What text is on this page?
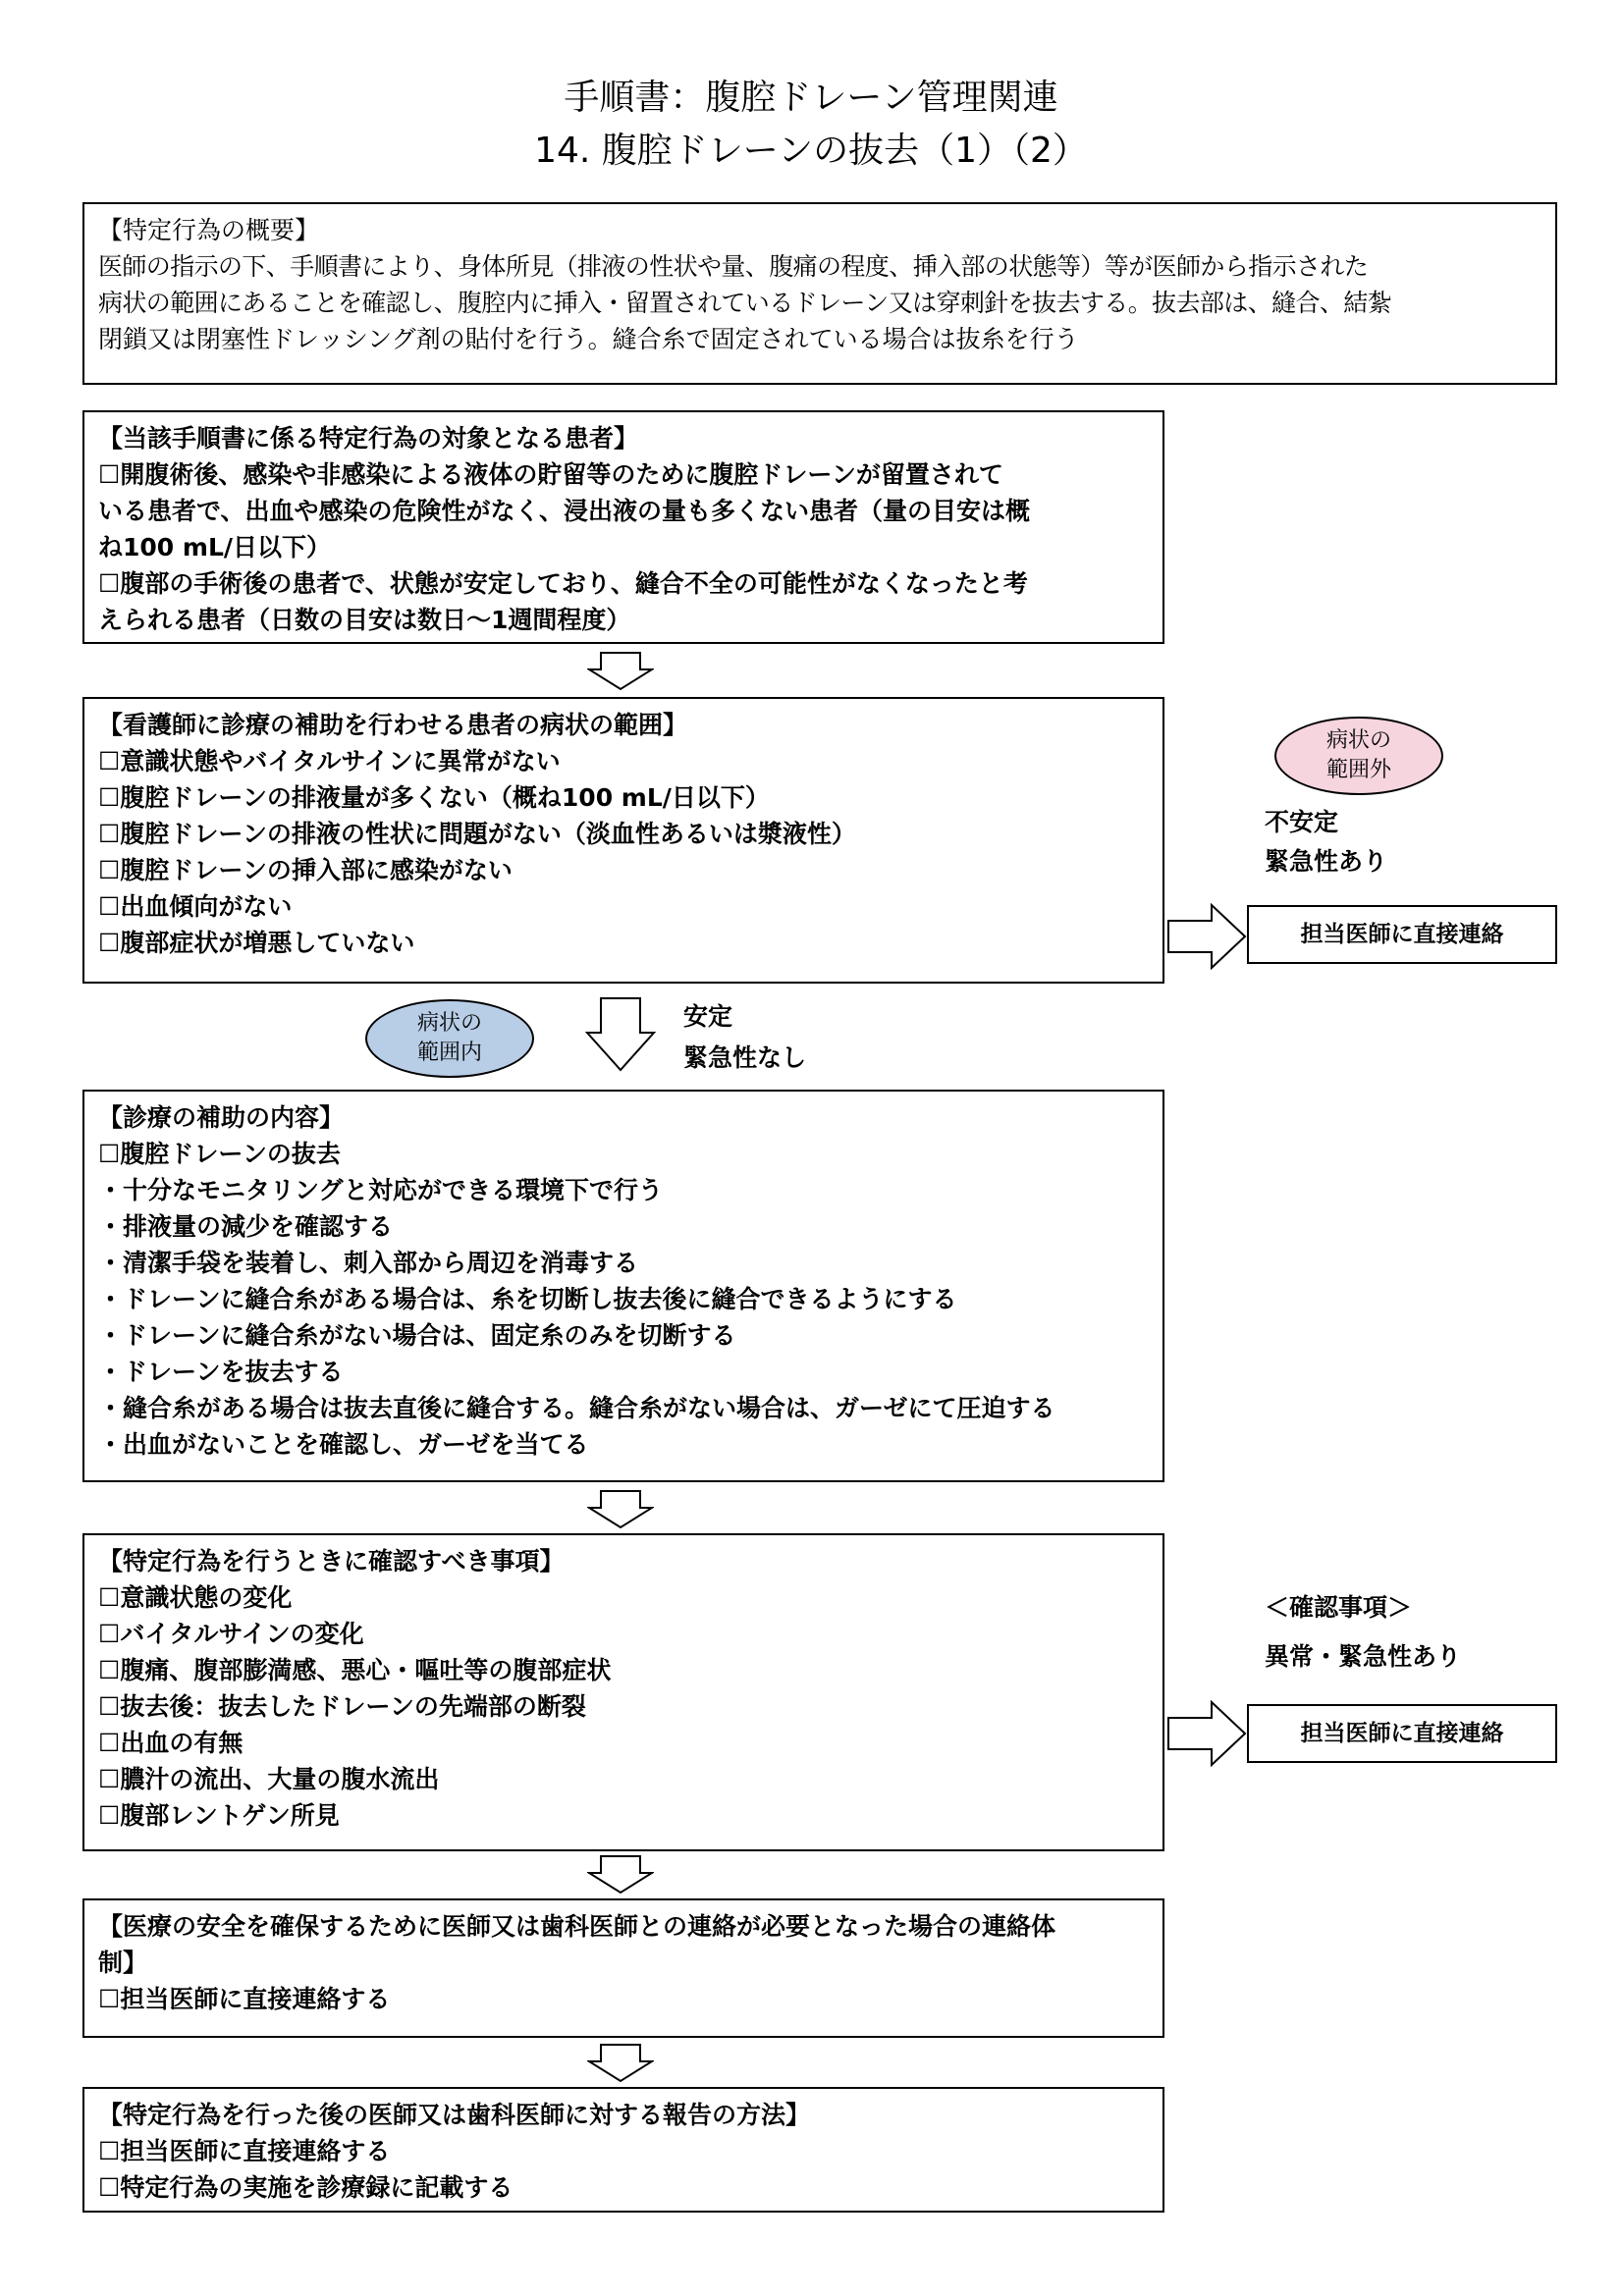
手順書：腹腔ドレーン管理関連
14. 腹腔ドレーンの抜去（1）（2）
【特定行為の概要】
医師の指示の下、手順書により、身体所見（排液の性状や量、腹痛の程度、挿入部の状態等）等が医師から指示された
病状の範囲にあることを確認し、腹腔内に挿入・留置されているドレーン又は穿刺針を抜去する。抜去部は、縫合、結紮
閉鎖又は閉塞性ドレッシング剤の貼付を行う。縫合糸で固定されている場合は抜糸を行う
【当該手順書に係る特定行為の対象となる患者】
☐開腹術後、感染や非感染による液体の貯留等のために腹腔ドレーンが留置されて
いる患者で、出血や感染の危険性がなく、浸出液の量も多くない患者（量の目安は概
ね100 mL/日以下）
☐腹部の手術後の患者で、状態が安定しており、縫合不全の可能性がなくなったと考
えられる患者（日数の目安は数日～1週間程度）
【看護師に診療の補助を行わせる患者の病状の範囲】
☐意識状態やバイタルサインに異常がない
☐腹腔ドレーンの排液量が多くない（概ね100 mL/日以下）
☐腹腔ドレーンの排液の性状に問題がない（淡血性あるいは漿液性）
☐腹腔ドレーンの挿入部に感染がない
☐出血傾向がない
☐腹部症状が増悪していない
病状の
範囲外
不安定
緊急性あり
担当医師に直接連絡
病状の
範囲内
安定
緊急性なし
【診療の補助の内容】
☐腹腔ドレーンの抜去
・十分なモニタリングと対応ができる環境下で行う
・排液量の減少を確認する
・清潔手袋を装着し、刺入部から周辺を消毒する
・ドレーンに縫合糸がある場合は、糸を切断し抜去後に縫合できるようにする
・ドレーンに縫合糸がない場合は、固定糸のみを切断する
・ドレーンを抜去する
・縫合糸がある場合は抜去直後に縫合する。縫合糸がない場合は、ガーゼにて圧迫する
・出血がないことを確認し、ガーゼを当てる
【特定行為を行うときに確認すべき事項】
☐意識状態の変化
☐バイタルサインの変化
☐腹痛、腹部膨満感、悪心・嘔吐等の腹部症状
☐抜去後：抜去したドレーンの先端部の断裂
☐出血の有無
☐膿汁の流出、大量の腹水流出
☐腹部レントゲン所見
＜確認事項＞
異常・緊急性あり
担当医師に直接連絡
【医療の安全を確保するために医師又は歯科医師との連絡が必要となった場合の連絡体
制】
☐担当医師に直接連絡する
【特定行為を行った後の医師又は歯科医師に対する報告の方法】
☐担当医師に直接連絡する
☐特定行為の実施を診療録に記載する
